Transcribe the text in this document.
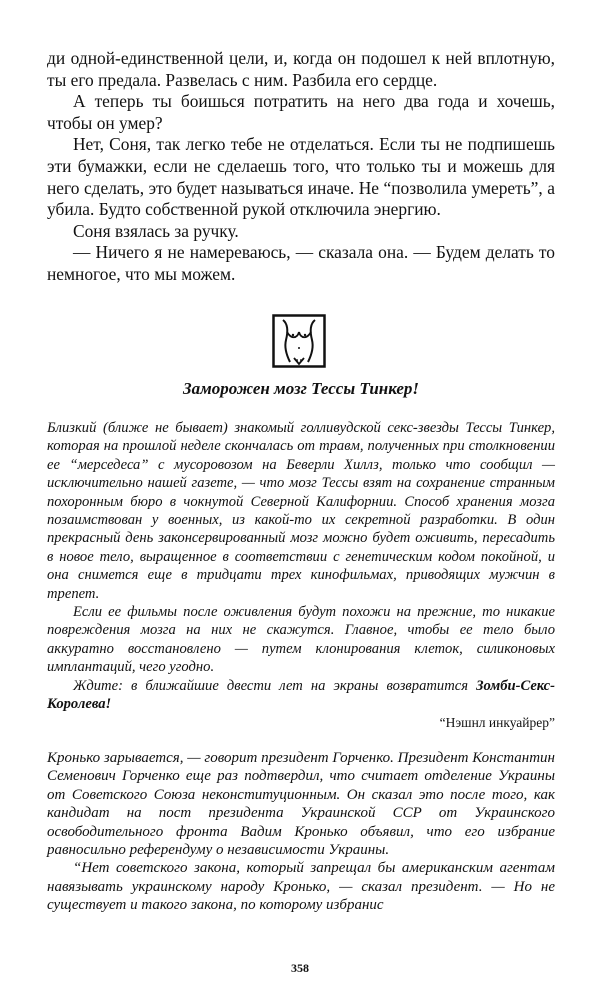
ди одной-единственной цели, и, когда он подошел к ней вплотную, ты его предала. Развелась с ним. Разбила его сердце.

А теперь ты боишься потратить на него два года и хочешь, чтобы он умер?

Нет, Соня, так легко тебе не отделаться. Если ты не подпишешь эти бумажки, если не сделаешь того, что только ты и можешь для него сделать, это будет называться иначе. Не “позволила умереть”, а убила. Будто собственной рукой отключила энергию.

Соня взялась за ручку.

— Ничего я не намереваюсь, — сказала она. — Будем делать то немногое, что мы можем.

Заморожен мозг Тессы Тинкер!

Близкий (ближе не бывает) знакомый голливудской секс-звезды Тессы Тинкер, которая на прошлой неделе скончалась от травм, полученных при столкновении ее “мерседеса” с мусоровозом на Беверли Хиллз, только что сообщил — исключительно нашей газете, — что мозг Тессы взят на сохранение странным похоронным бюро в чокнутой Северной Калифорнии. Способ хранения мозга позаимствован у военных, из какой-то их секретной разработки. В один прекрасный день законсервированный мозг можно будет оживить, пересадить в новое тело, выращенное в соответствии с генетическим кодом покойной, и она снимется еще в тридцати трех кинофильмах, приводящих мужчин в трепет.

Если ее фильмы после оживления будут похожи на прежние, то никакие повреждения мозга на них не скажутся. Главное, чтобы ее тело было аккуратно восстановлено — путем клонирования клеток, силиконовых имплантаций, чего угодно.

Ждите: в ближайшие двести лет на экраны возвратится Зомби-Секс-Королева!

“Нэшнл инкуайрер”

Кронько зарывается, — говорит президент Горченко. Президент Константин Семенович Горченко еще раз подтвердил, что считает отделение Украины от Советского Союза неконституционным. Он сказал это после того, как кандидат на пост президента Украинской ССР от Украинского освободительного фронта Вадим Кронько объявил, что его избрание равносильно референдуму о независимости Украины.

“Нет советского закона, который запрещал бы американским агентам навязывать украинскому народу Кронько, — сказал президент. — Но не существует и такого закона, по которому избранис

358
